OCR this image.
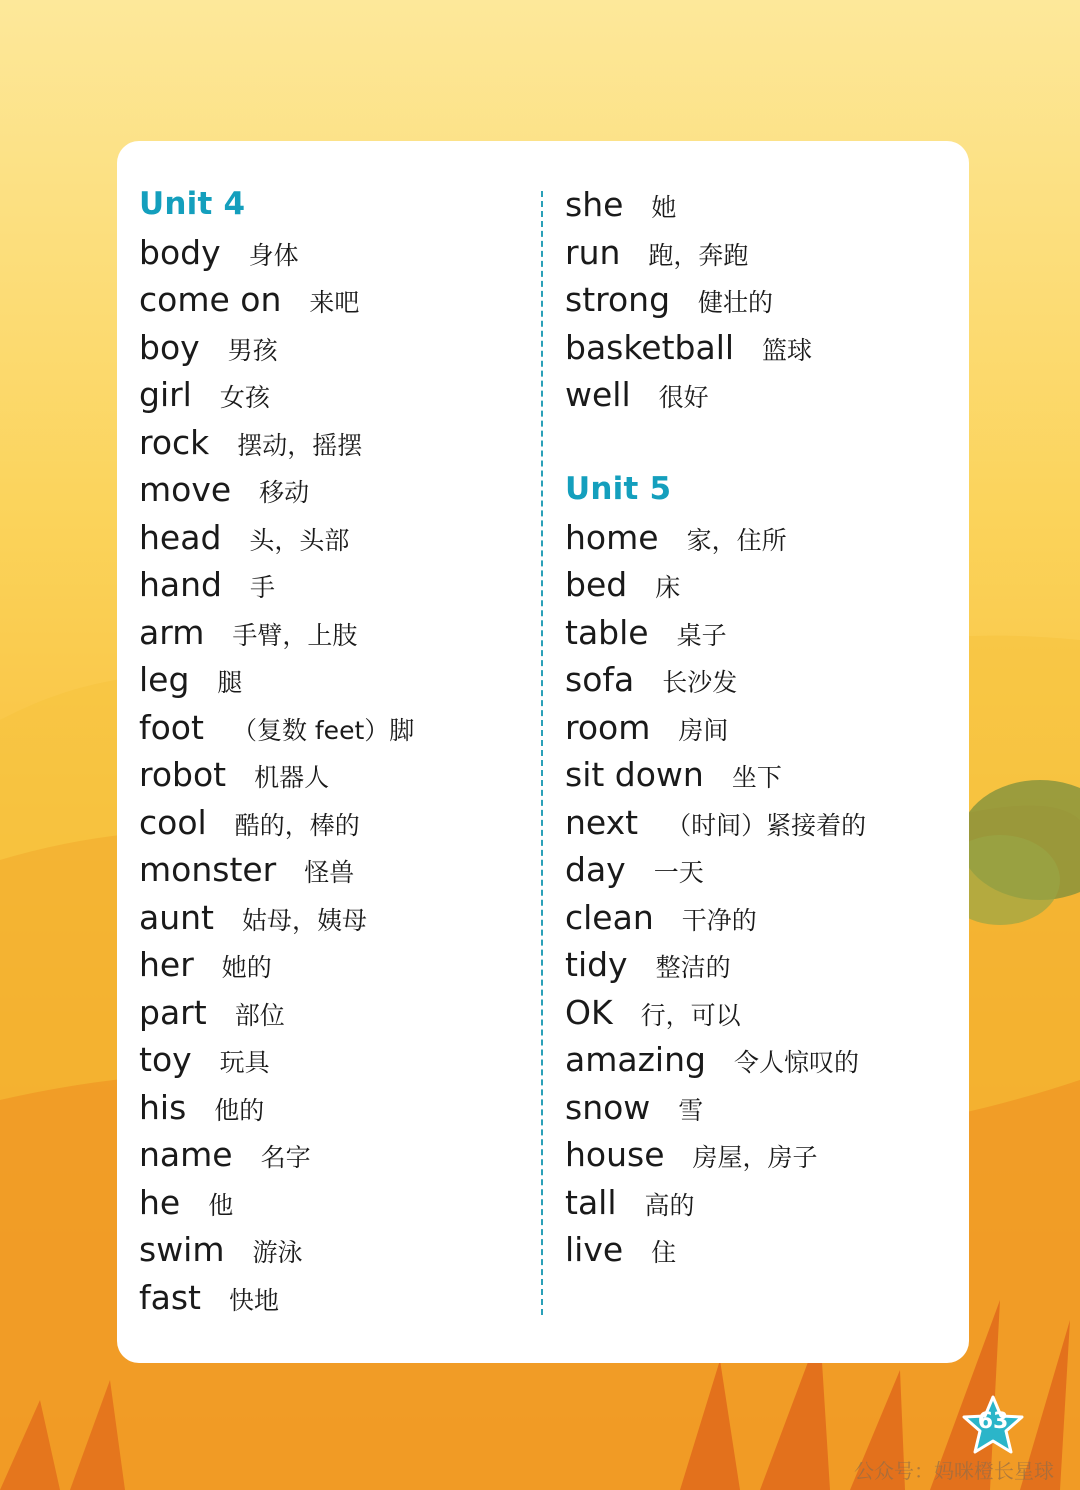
Unit 4
body 身体
come on 来吧
boy 男孩
girl 女孩
rock 摆动，摇摆
move 移动
head 头，头部
hand 手
arm 手臂，上肢
leg 腿
foot （复数 feet）脚
robot 机器人
cool 酷的，棒的
monster 怪兽
aunt 姑母，姨母
her 她的
part 部位
toy 玩具
his 他的
name 名字
he 他
swim 游泳
fast 快地
she 她
run 跑，奔跑
strong 健壮的
basketball 篮球
well 很好
Unit 5
home 家，住所
bed 床
table 桌子
sofa 长沙发
room 房间
sit down 坐下
next （时间）紧接着的
day 一天
clean 干净的
tidy 整洁的
OK 行，可以
amazing 令人惊叹的
snow 雪
house 房屋，房子
tall 高的
live 住
63
公众号：妈咪橙长星球
